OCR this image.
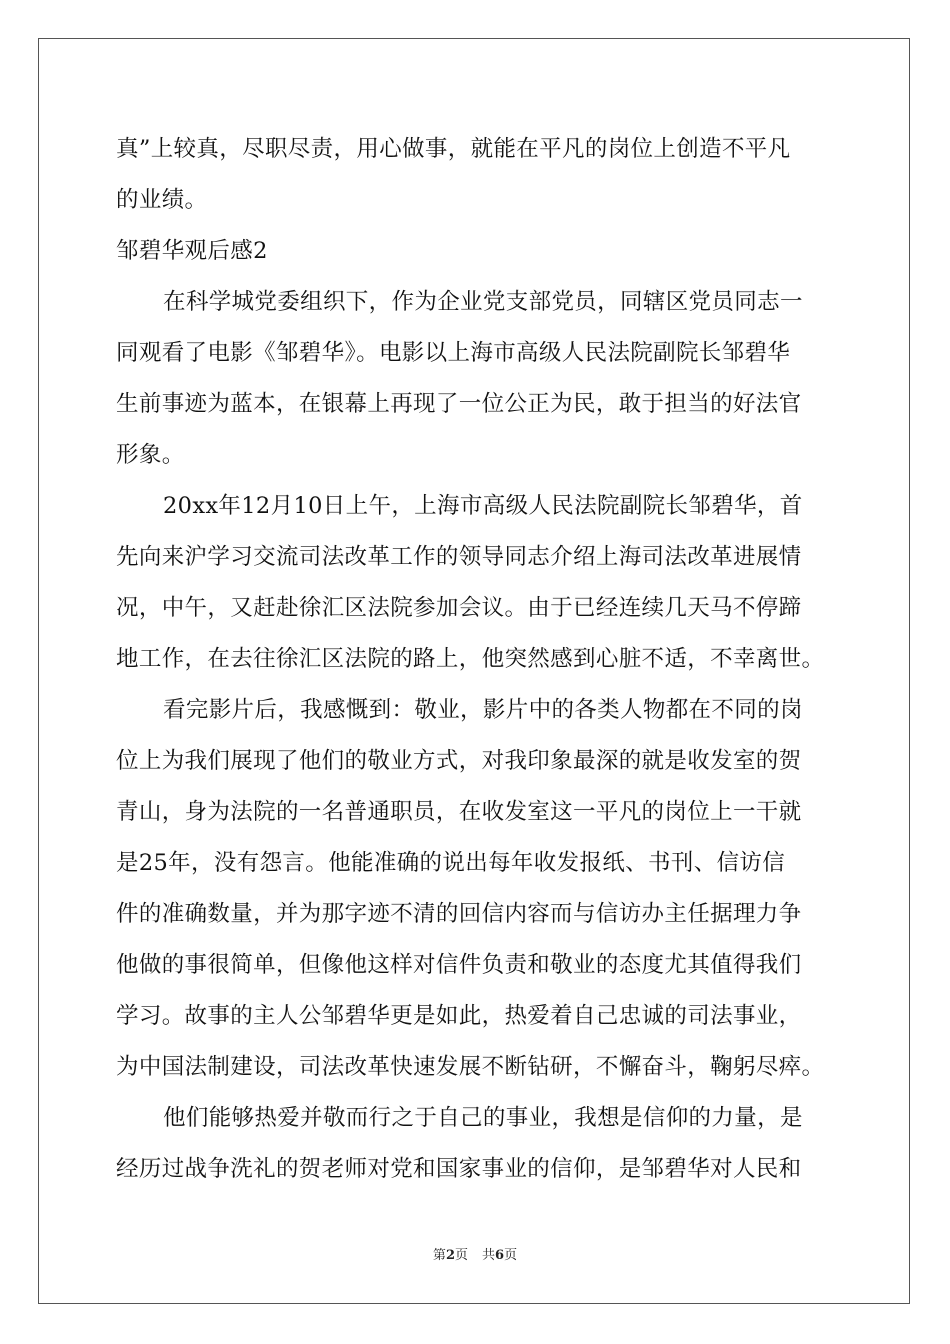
真”上较真，尽职尽责，用心做事，就能在平凡的岗位上创造不平凡
的业绩。
邹碧华观后感2
在科学城党委组织下，作为企业党支部党员，同辖区党员同志一
同观看了电影《邹碧华》。电影以上海市高级人民法院副院长邹碧华
生前事迹为蓝本，在银幕上再现了一位公正为民，敢于担当的好法官
形象。
20xx年12月10日上午，上海市高级人民法院副院长邹碧华，首
先向来沪学习交流司法改革工作的领导同志介绍上海司法改革进展情
况，中午，又赶赴徐汇区法院参加会议。由于已经连续几天马不停蹄
地工作，在去往徐汇区法院的路上，他突然感到心脏不适，不幸离世。
看完影片后，我感慨到：敬业，影片中的各类人物都在不同的岗
位上为我们展现了他们的敬业方式，对我印象最深的就是收发室的贺
青山，身为法院的一名普通职员，在收发室这一平凡的岗位上一干就
是25年，没有怨言。他能准确的说出每年收发报纸、书刊、信访信
件的准确数量，并为那字迹不清的回信内容而与信访办主任据理力争
他做的事很简单，但像他这样对信件负责和敬业的态度尤其值得我们
学习。故事的主人公邹碧华更是如此，热爱着自己忠诚的司法事业，
为中国法制建设，司法改革快速发展不断钻研，不懈奋斗，鞠躬尽瘁。
他们能够热爱并敬而行之于自己的事业，我想是信仰的力量，是
经历过战争洗礼的贺老师对党和国家事业的信仰，是邹碧华对人民和
第2页 共6页
